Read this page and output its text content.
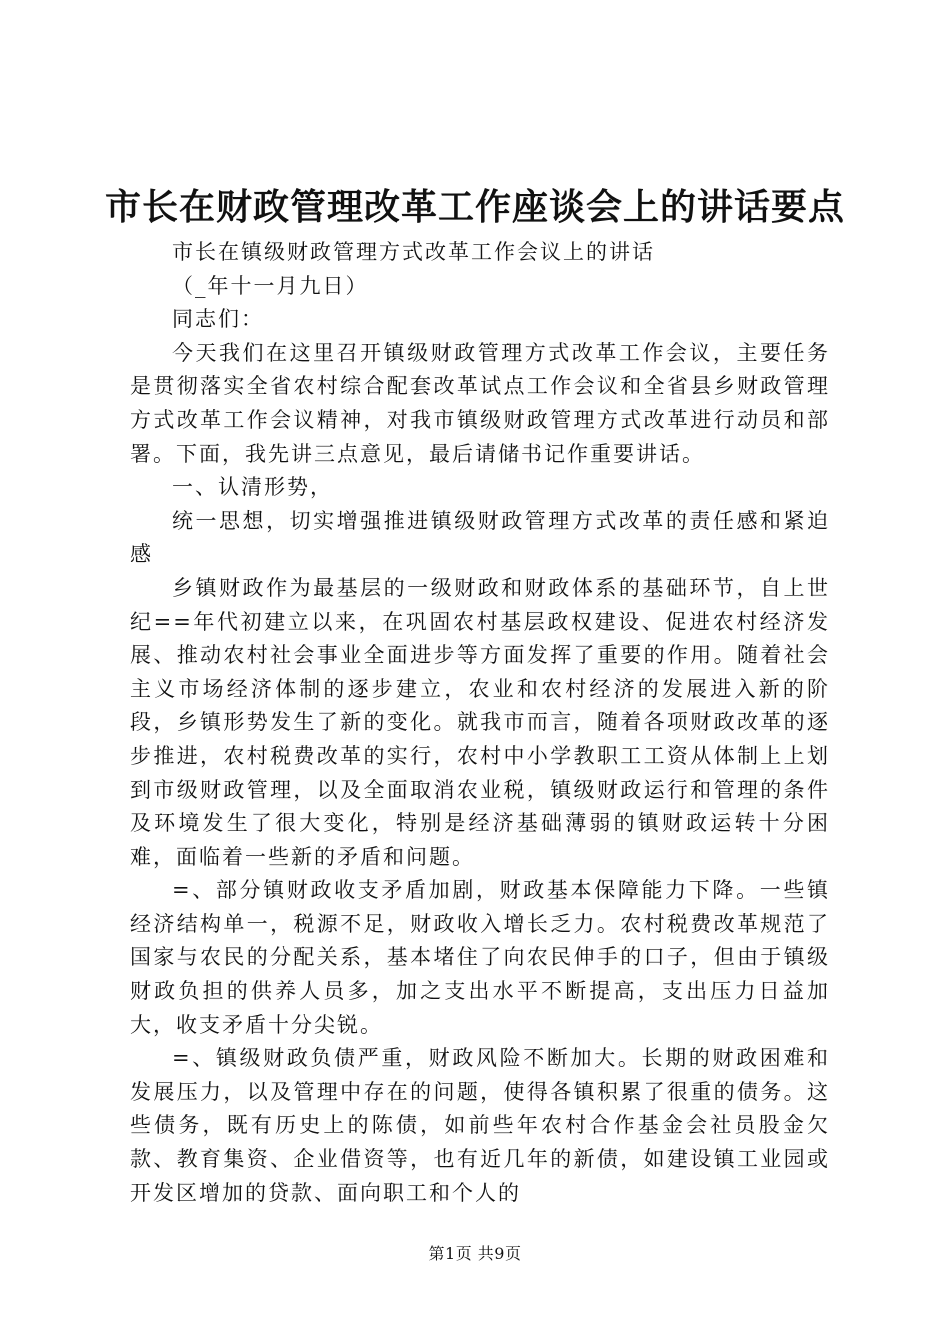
市长在财政管理改革工作座谈会上的讲话要点

市长在镇级财政管理方式改革工作会议上的讲话

（_年十一月九日）

同志们：

今天我们在这里召开镇级财政管理方式改革工作会议，主要任务是贯彻落实全省农村综合配套改革试点工作会议和全省县乡财政管理方式改革工作会议精神，对我市镇级财政管理方式改革进行动员和部署。下面，我先讲三点意见，最后请储书记作重要讲话。

一、认清形势，

统一思想，切实增强推进镇级财政管理方式改革的责任感和紧迫感

乡镇财政作为最基层的一级财政和财政体系的基础环节，自上世纪==年代初建立以来，在巩固农村基层政权建设、促进农村经济发展、推动农村社会事业全面进步等方面发挥了重要的作用。随着社会主义市场经济体制的逐步建立，农业和农村经济的发展进入新的阶段，乡镇形势发生了新的变化。就我市而言，随着各项财政改革的逐步推进，农村税费改革的实行，农村中小学教职工工资从体制上上划到市级财政管理，以及全面取消农业税，镇级财政运行和管理的条件及环境发生了很大变化，特别是经济基础薄弱的镇财政运转十分困难，面临着一些新的矛盾和问题。

=、部分镇财政收支矛盾加剧，财政基本保障能力下降。一些镇经济结构单一，税源不足，财政收入增长乏力。农村税费改革规范了国家与农民的分配关系，基本堵住了向农民伸手的口子，但由于镇级财政负担的供养人员多，加之支出水平不断提高，支出压力日益加大，收支矛盾十分尖锐。

=、镇级财政负债严重，财政风险不断加大。长期的财政困难和发展压力，以及管理中存在的问题，使得各镇积累了很重的债务。这些债务，既有历史上的陈债，如前些年农村合作基金会社员股金欠款、教育集资、企业借资等，也有近几年的新债，如建设镇工业园或开发区增加的贷款、面向职工和个人的

第1页 共9页
